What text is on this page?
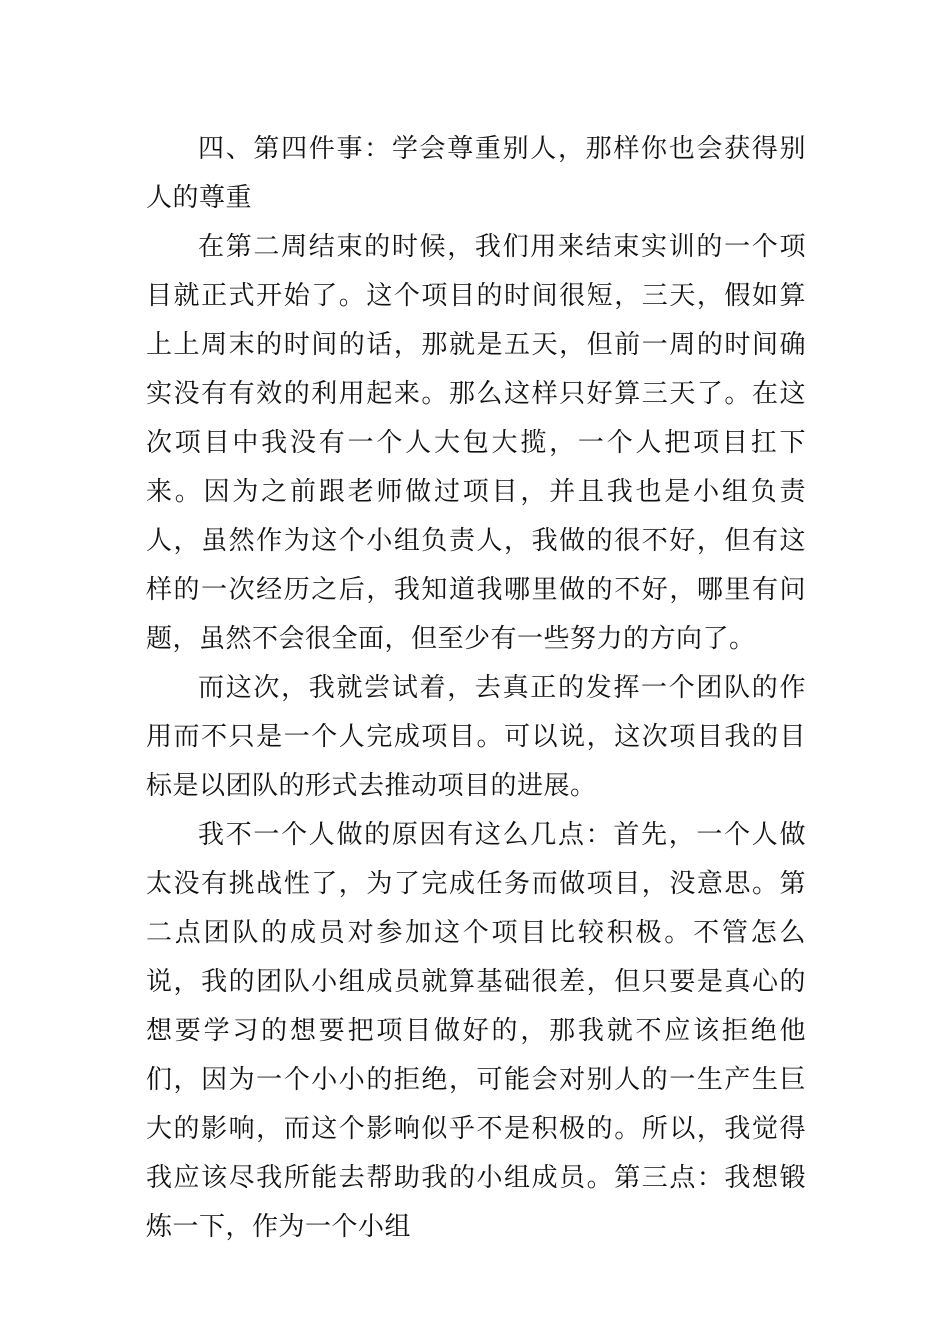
四、第四件事：学会尊重别人，那样你也会获得别人的尊重

在第二周结束的时候，我们用来结束实训的一个项目就正式开始了。这个项目的时间很短，三天，假如算上上周末的时间的话，那就是五天，但前一周的时间确实没有有效的利用起来。那么这样只好算三天了。在这次项目中我没有一个人大包大揽，一个人把项目扛下来。因为之前跟老师做过项目，并且我也是小组负责人，虽然作为这个小组负责人，我做的很不好，但有这样的一次经历之后，我知道我哪里做的不好，哪里有问题，虽然不会很全面，但至少有一些努力的方向了。

而这次，我就尝试着，去真正的发挥一个团队的作用而不只是一个人完成项目。可以说，这次项目我的目标是以团队的形式去推动项目的进展。

我不一个人做的原因有这么几点：首先，一个人做太没有挑战性了，为了完成任务而做项目，没意思。第二点团队的成员对参加这个项目比较积极。不管怎么说，我的团队小组成员就算基础很差，但只要是真心的想要学习的想要把项目做好的，那我就不应该拒绝他们，因为一个小小的拒绝，可能会对别人的一生产生巨大的影响，而这个影响似乎不是积极的。所以，我觉得我应该尽我所能去帮助我的小组成员。第三点：我想锻炼一下，作为一个小组
